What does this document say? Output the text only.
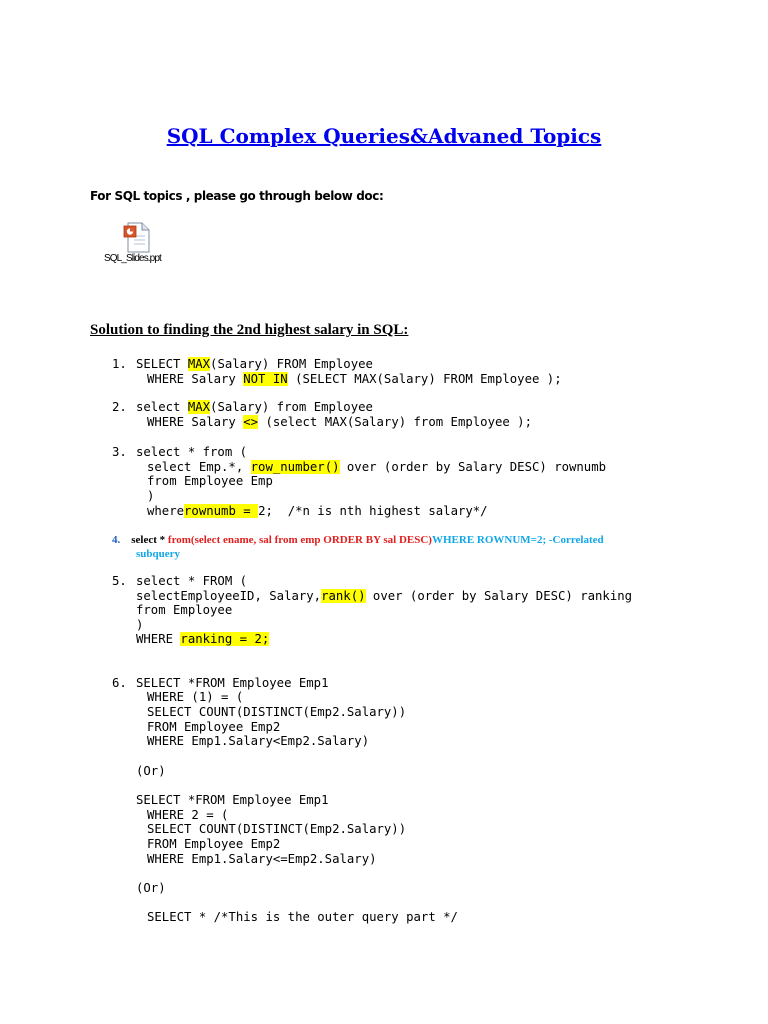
SQL Complex Queries&Advaned Topics
For SQL topics , please go through below doc:
SQL_Slides.ppt
Solution to finding the 2nd highest salary in SQL:
1. SELECT MAX(Salary) FROM Employee
WHERE Salary NOT IN (SELECT MAX(Salary) FROM Employee );
2. select MAX(Salary) from Employee
WHERE Salary <> (select MAX(Salary) from Employee );
3. select * from (
select Emp.*, row_number() over (order by Salary DESC) rownumb
from Employee Emp
)
whererownumb = 2;  /*n is nth highest salary*/
4. select * from(select ename, sal from emp ORDER BY sal DESC)WHERE ROWNUM=2; -Correlated
subquery
5. select * FROM (
selectEmployeeID, Salary,rank() over (order by Salary DESC) ranking
from Employee
)
WHERE ranking = 2;
6. SELECT *FROM Employee Emp1
WHERE (1) = (
SELECT COUNT(DISTINCT(Emp2.Salary))
FROM Employee Emp2
WHERE Emp1.Salary<Emp2.Salary)
(Or)
SELECT *FROM Employee Emp1
WHERE 2 = (
SELECT COUNT(DISTINCT(Emp2.Salary))
FROM Employee Emp2
WHERE Emp1.Salary<=Emp2.Salary)
(Or)
SELECT * /*This is the outer query part */
